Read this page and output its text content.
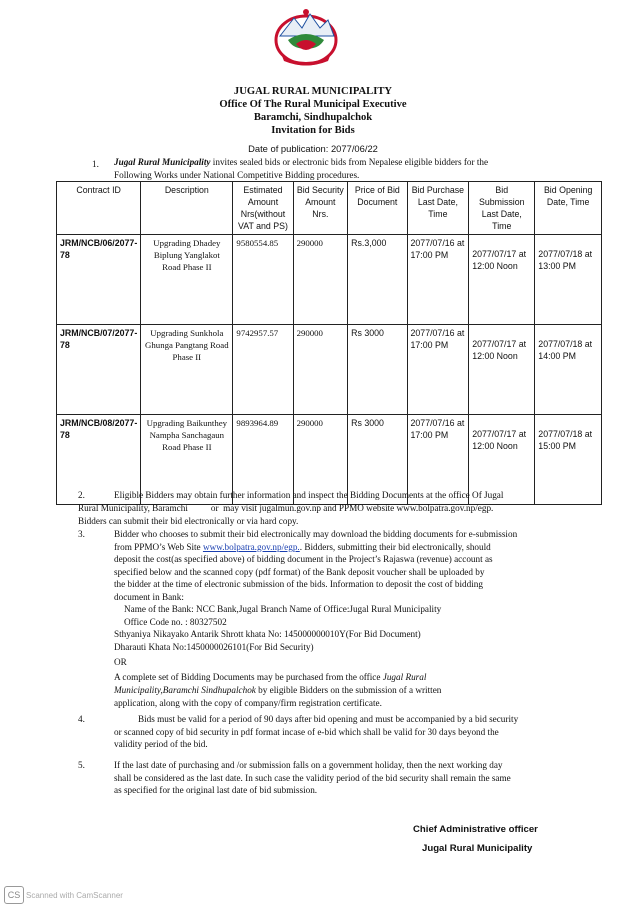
JUGAL RURAL MUNICIPALITY
Office Of The Rural Municipal Executive
Baramchi, Sindhupalchok
Invitation for Bids
Date of publication: 2077/06/22
1. Jugal Rural Municipality invites sealed bids or electronic bids from Nepalese eligible bidders for the
Following Works under National Competitive Bidding procedures.
Contract ID	Description	Estimated Amount Nrs(without VAT and PS)	Bid Security Amount Nrs.	Price of Bid Document	Bid Purchase Last Date, Time	Bid Submission Last Date, Time	Bid Opening Date, Time
JRM/NCB/06/2077-78	Upgrading Dhadey Biplung Yanglakot Road Phase II	9580554.85	290000	Rs.3,000	2077/07/16 at 17:00 PM	2077/07/17 at 12:00 Noon	2077/07/18 at 13:00 PM
JRM/NCB/07/2077-78	Upgrading Sunkhola Ghunga Pangtang Road Phase II	9742957.57	290000	Rs 3000	2077/07/16 at 17:00 PM	2077/07/17 at 12:00 Noon	2077/07/18 at 14:00 PM
JRM/NCB/08/2077-78	Upgrading Baikunthey Nampha Sanchagaun Road Phase II	9893964.89	290000	Rs 3000	2077/07/16 at 17:00 PM	2077/07/17 at 12:00 Noon	2077/07/18 at 15:00 PM
2.	Eligible Bidders may obtain further information and inspect the Bidding Documents at the office Of Jugal
Rural Municipality, Baramchi          or  may visit jugalmun.gov.np and PPMO website www.bolpatra.gov.np/egp.
Bidders can submit their bid electronically or via hard copy.
3.	Bidder who chooses to submit their bid electronically may download the bidding documents for e-submission
from PPMO’s Web Site www.bolpatra.gov.np/egp.. Bidders, submitting their bid electronically, should
deposit the cost(as specified above) of bidding document in the Project’s Rajaswa (revenue) account as
specified below and the scanned copy (pdf format) of the Bank deposit voucher shall be uploaded by
the bidder at the time of electronic submission of the bids. Information to deposit the cost of bidding
document in Bank:
Name of the Bank: NCC Bank,Jugal Branch Name of Office:Jugal Rural Municipality
Office Code no. : 80327502
Sthyaniya Nikayako Antarik Shrott khata No: 145000000010Y(For Bid Document)
Dharauti Khata No:1450000026101(For Bid Security)
OR
A complete set of Bidding Documents may be purchased from the office Jugal Rural
Municipality,Baramchi Sindhupalchok by eligible Bidders on the submission of a written
application, along with the copy of company/firm registration certificate.
4.	Bids must be valid for a period of 90 days after bid opening and must be accompanied by a bid security
or scanned copy of bid security in pdf format incase of e-bid which shall be valid for 30 days beyond the
validity period of the bid.
5.	If the last date of purchasing and /or submission falls on a government holiday, then the next working day
shall be considered as the last date. In such case the validity period of the bid security shall remain the same
as specified for the original last date of bid submission.
Chief Administrative officer
Jugal Rural Municipality
CS Scanned with CamScanner
